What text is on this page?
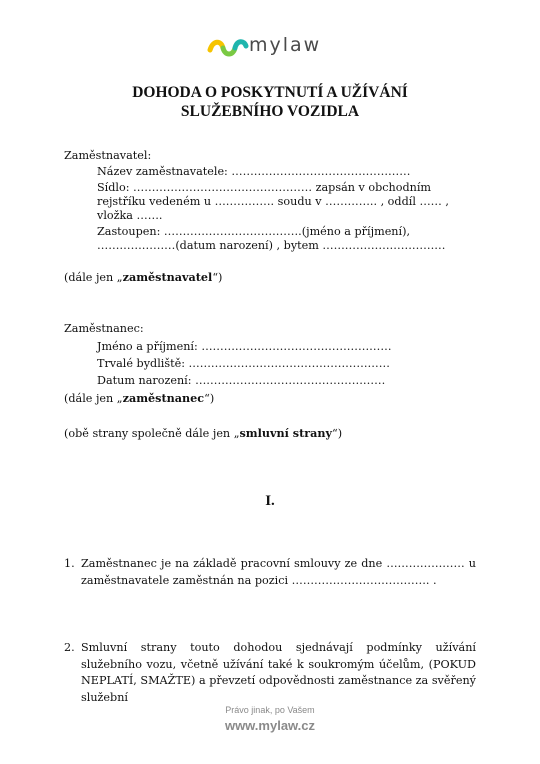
mylaw
DOHODA O POSKYTNUTÍ A UŽÍVÁNÍ
SLUŽEBNÍHO VOZIDLA
Zaměstnavatel:
Název zaměstnavatele: …………………………………………
Sídlo: ………………………………………… zapsán v obchodním
rejstříku vedeném u ……………. soudu v ………….. , oddíl …… ,
vložka …….
Zastoupen: ……………………………….(jméno a příjmení),
…………………(datum narození) , bytem ……………………………
(dále jen „zaměstnavatel“)
Zaměstnanec:
Jméno a příjmení: ……………………………………………
Trvalé bydliště: ………………………………………………
Datum narození: ……………………………………………
(dále jen „zaměstnanec“)
(obě strany společně dále jen „smluvní strany“)
I.
1. Zaměstnanec je na základě pracovní smlouvy ze dne ………………… u zaměstnavatele zaměstnán na pozici ………………………………. .
2. Smluvní strany touto dohodou sjednávají podmínky užívání služebního vozu, včetně užívání také k soukromým účelům, (POKUD NEPLATÍ, SMAŽTE) a převzetí odpovědnosti zaměstnance za svěřený služební
Právo jinak, po Vašem
www.mylaw.cz
